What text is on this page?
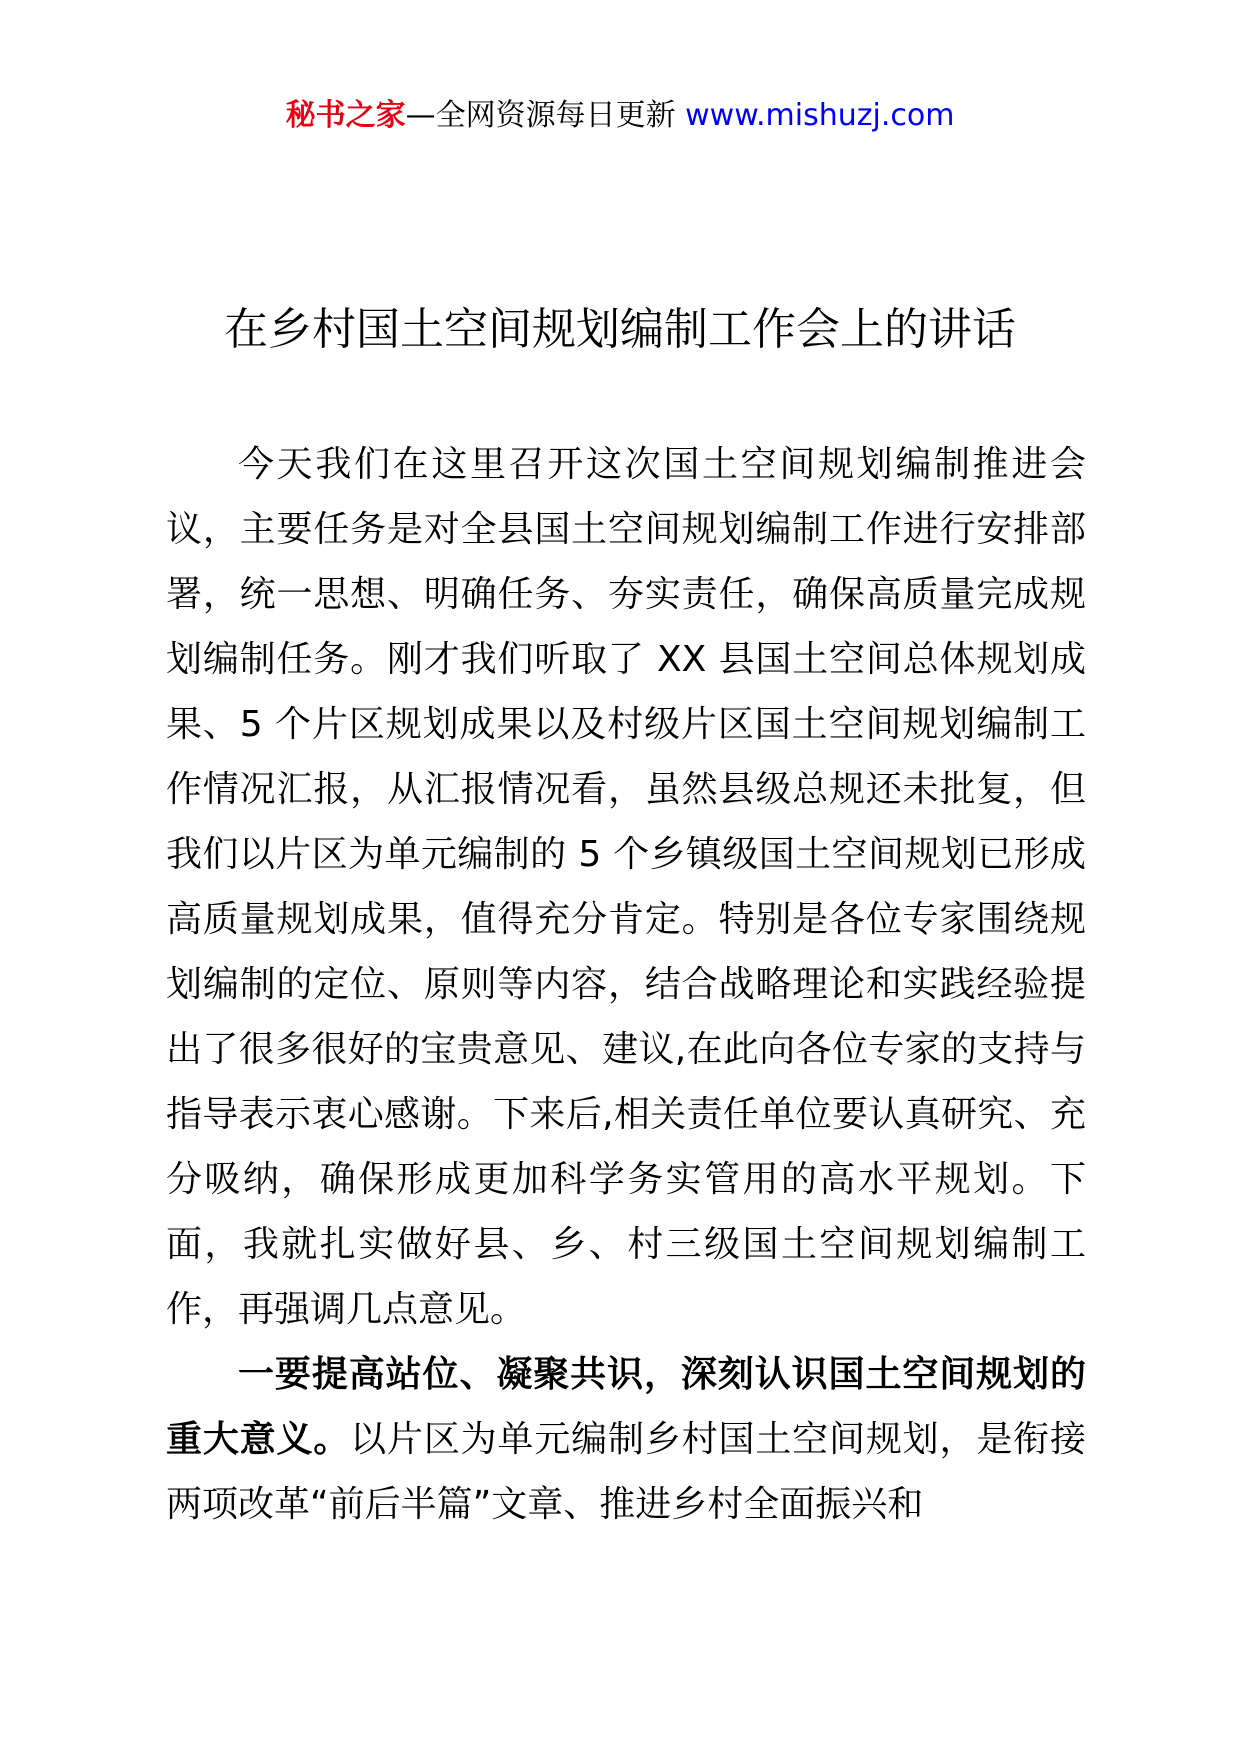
秘书之家—全网资源每日更新 www.mishuzj.com
在乡村国土空间规划编制工作会上的讲话

今天我们在这里召开这次国土空间规划编制推进会议，主要任务是对全县国土空间规划编制工作进行安排部署，统一思想、明确任务、夯实责任，确保高质量完成规划编制任务。刚才我们听取了 XX 县国土空间总体规划成果、5 个片区规划成果以及村级片区国土空间规划编制工作情况汇报，从汇报情况看，虽然县级总规还未批复，但我们以片区为单元编制的 5 个乡镇级国土空间规划已形成高质量规划成果，值得充分肯定。特别是各位专家围绕规划编制的定位、原则等内容，结合战略理论和实践经验提出了很多很好的宝贵意见、建议,在此向各位专家的支持与指导表示衷心感谢。下来后,相关责任单位要认真研究、充分吸纳，确保形成更加科学务实管用的高水平规划。下面，我就扎实做好县、乡、村三级国土空间规划编制工作，再强调几点意见。

一要提高站位、凝聚共识，深刻认识国土空间规划的重大意义。以片区为单元编制乡村国土空间规划，是衔接两项改革“前后半篇”文章、推进乡村全面振兴和
